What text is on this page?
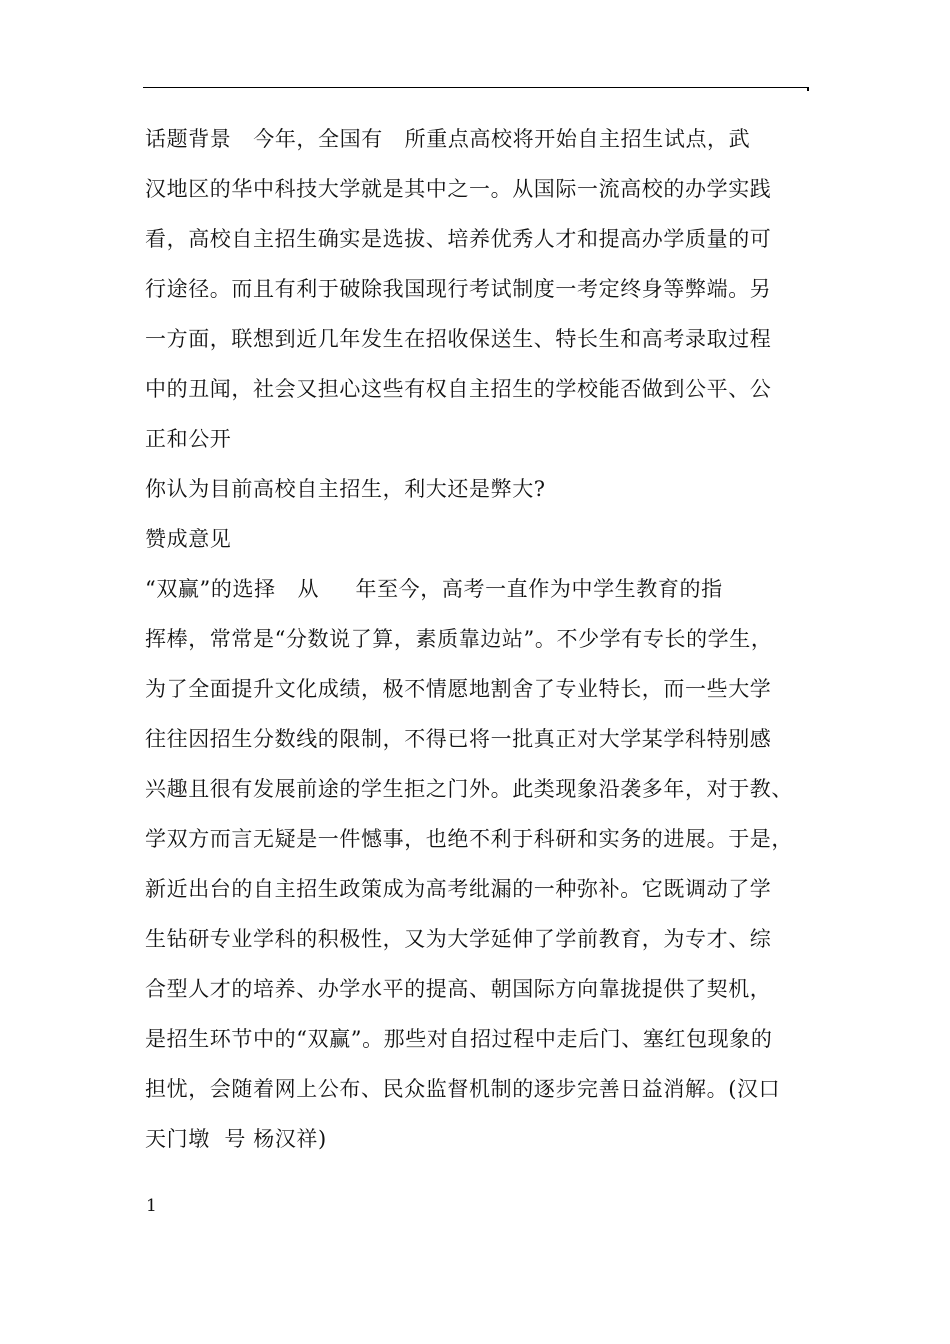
话题背景   今年，全国有   所重点高校将开始自主招生试点，武
汉地区的华中科技大学就是其中之一。从国际一流高校的办学实践
看，高校自主招生确实是选拔、培养优秀人才和提高办学质量的可
行途径。而且有利于破除我国现行考试制度一考定终身等弊端。另
一方面，联想到近几年发生在招收保送生、特长生和高考录取过程
中的丑闻，社会又担心这些有权自主招生的学校能否做到公平、公
正和公开
你认为目前高校自主招生，利大还是弊大?
赞成意见
“双赢”的选择   从     年至今，高考一直作为中学生教育的指
挥棒，常常是“分数说了算，素质靠边站”。不少学有专长的学生，
为了全面提升文化成绩，极不情愿地割舍了专业特长，而一些大学
往往因招生分数线的限制，不得已将一批真正对大学某学科特别感
兴趣且很有发展前途的学生拒之门外。此类现象沿袭多年，对于教、
学双方而言无疑是一件憾事，也绝不利于科研和实务的进展。于是，
新近出台的自主招生政策成为高考纰漏的一种弥补。它既调动了学
生钻研专业学科的积极性，又为大学延伸了学前教育，为专才、综
合型人才的培养、办学水平的提高、朝国际方向靠拢提供了契机，
是招生环节中的“双赢”。那些对自招过程中走后门、塞红包现象的
担忧，会随着网上公布、民众监督机制的逐步完善日益消解。(汉口
天门墩  号 杨汉祥)
1
